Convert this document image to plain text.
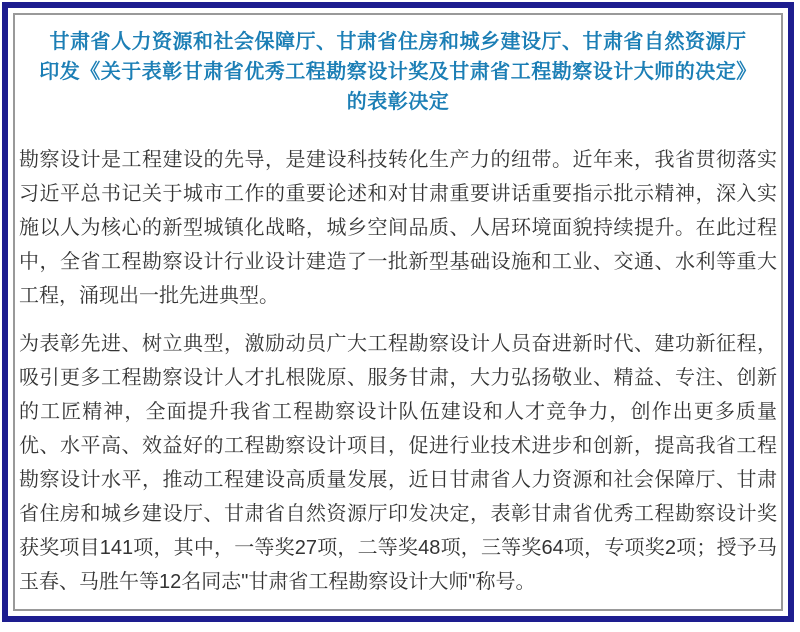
甘肃省人力资源和社会保障厅、甘肃省住房和城乡建设厅、甘肃省自然资源厅
印发《关于表彰甘肃省优秀工程勘察设计奖及甘肃省工程勘察设计大师的决定》
的表彰决定

勘察设计是工程建设的先导，是建设科技转化生产力的纽带。近年来，我省贯彻落实习近平总书记关于城市工作的重要论述和对甘肃重要讲话重要指示批示精神，深入实施以人为核心的新型城镇化战略，城乡空间品质、人居环境面貌持续提升。在此过程中，全省工程勘察设计行业设计建造了一批新型基础设施和工业、交通、水利等重大工程，涌现出一批先进典型。

为表彰先进、树立典型，激励动员广大工程勘察设计人员奋进新时代、建功新征程，吸引更多工程勘察设计人才扎根陇原、服务甘肃，大力弘扬敬业、精益、专注、创新的工匠精神，全面提升我省工程勘察设计队伍建设和人才竞争力，创作出更多质量优、水平高、效益好的工程勘察设计项目，促进行业技术进步和创新，提高我省工程勘察设计水平，推动工程建设高质量发展，近日甘肃省人力资源和社会保障厅、甘肃省住房和城乡建设厅、甘肃省自然资源厅印发决定，表彰甘肃省优秀工程勘察设计奖获奖项目141项，其中，一等奖27项，二等奖48项，三等奖64项，专项奖2项；授予马玉春、马胜午等12名同志"甘肃省工程勘察设计大师"称号。
